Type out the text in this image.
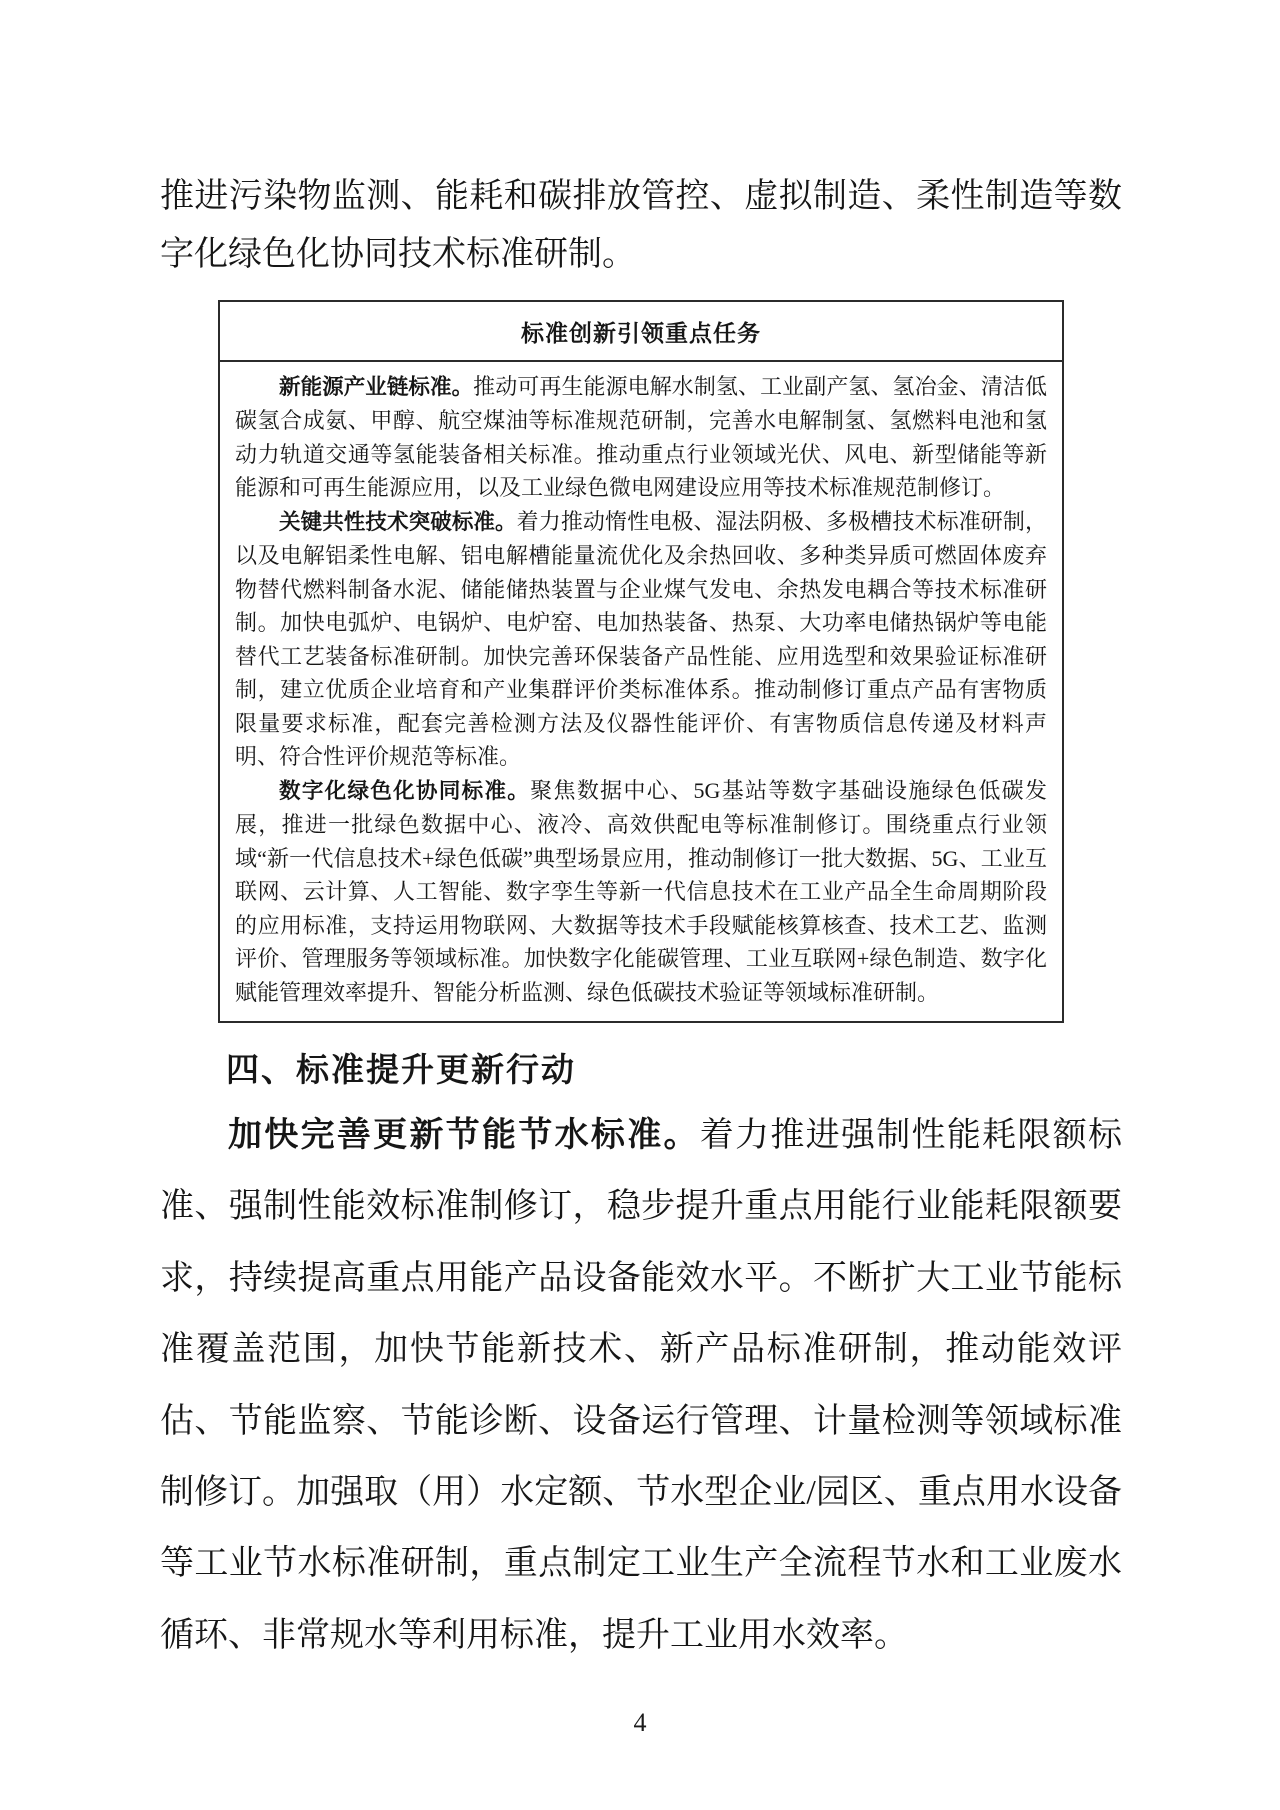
推进污染物监测、能耗和碳排放管控、虚拟制造、柔性制造等数字化绿色化协同技术标准研制。

标准创新引领重点任务

新能源产业链标准。推动可再生能源电解水制氢、工业副产氢、氢冶金、清洁低碳氢合成氨、甲醇、航空煤油等标准规范研制，完善水电解制氢、氢燃料电池和氢动力轨道交通等氢能装备相关标准。推动重点行业领域光伏、风电、新型储能等新能源和可再生能源应用，以及工业绿色微电网建设应用等技术标准规范制修订。

关键共性技术突破标准。着力推动惰性电极、湿法阴极、多极槽技术标准研制，以及电解铝柔性电解、铝电解槽能量流优化及余热回收、多种类异质可燃固体废弃物替代燃料制备水泥、储能储热装置与企业煤气发电、余热发电耦合等技术标准研制。加快电弧炉、电锅炉、电炉窑、电加热装备、热泵、大功率电储热锅炉等电能替代工艺装备标准研制。加快完善环保装备产品性能、应用选型和效果验证标准研制，建立优质企业培育和产业集群评价类标准体系。推动制修订重点产品有害物质限量要求标准，配套完善检测方法及仪器性能评价、有害物质信息传递及材料声明、符合性评价规范等标准。

数字化绿色化协同标准。聚焦数据中心、5G基站等数字基础设施绿色低碳发展，推进一批绿色数据中心、液冷、高效供配电等标准制修订。围绕重点行业领域“新一代信息技术+绿色低碳”典型场景应用，推动制修订一批大数据、5G、工业互联网、云计算、人工智能、数字孪生等新一代信息技术在工业产品全生命周期阶段的应用标准，支持运用物联网、大数据等技术手段赋能核算核查、技术工艺、监测评价、管理服务等领域标准。加快数字化能碳管理、工业互联网+绿色制造、数字化赋能管理效率提升、智能分析监测、绿色低碳技术验证等领域标准研制。

四、标准提升更新行动

加快完善更新节能节水标准。着力推进强制性能耗限额标准、强制性能效标准制修订，稳步提升重点用能行业能耗限额要求，持续提高重点用能产品设备能效水平。不断扩大工业节能标准覆盖范围，加快节能新技术、新产品标准研制，推动能效评估、节能监察、节能诊断、设备运行管理、计量检测等领域标准制修订。加强取（用）水定额、节水型企业/园区、重点用水设备等工业节水标准研制，重点制定工业生产全流程节水和工业废水循环、非常规水等利用标准，提升工业用水效率。

4
